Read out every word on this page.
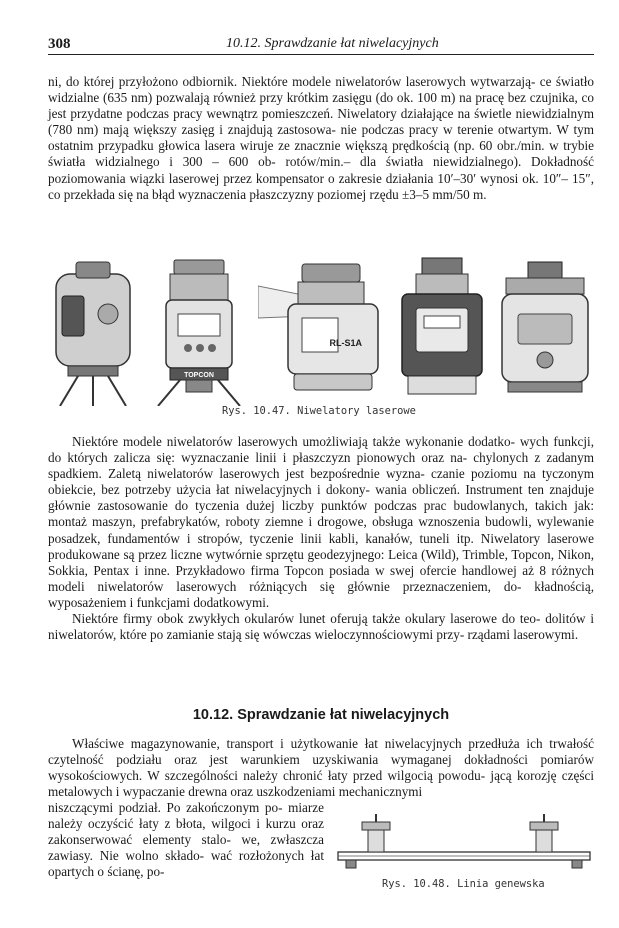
308	10.12. Sprawdzanie łat niwelacyjnych

ni, do której przyłożono odbiornik. Niektóre modele niwelatorów laserowych wytwarzają- ce światło widzialne (635 nm) pozwalają również przy krótkim zasięgu (do ok. 100 m) na pracę bez czujnika, co jest przydatne podczas pracy wewnątrz pomieszczeń. Niwelatory działające na świetle niewidzialnym (780 nm) mają większy zasięg i znajdują zastosowa- nie podczas pracy w terenie otwartym. W tym ostatnim przypadku głowica lasera wiruje ze znacznie większą prędkością (np. 60 obr./min. w trybie światła widzialnego i 300 – 600 ob- rotów/min.– dla światła niewidzialnego). Dokładność poziomowania wiązki laserowej przez kompensator o zakresie działania 10′–30′ wynosi ok. 10″– 15″, co przekłada się na błąd wyznaczenia płaszczyzny poziomej rzędu ±3–5 mm/50 m.

TOPCON
RL-S1A
Rys. 10.47. Niwelatory laserowe

Niektóre modele niwelatorów laserowych umożliwiają także wykonanie dodatko- wych funkcji, do których zalicza się: wyznaczanie linii i płaszczyzn pionowych oraz na- chylonych z zadanym spadkiem. Zaletą niwelatorów laserowych jest bezpośrednie wyzna- czanie poziomu na tyczonym obiekcie, bez potrzeby użycia łat niwelacyjnych i dokony- wania obliczeń. Instrument ten znajduje głównie zastosowanie do tyczenia dużej liczby punktów podczas prac budowlanych, takich jak: montaż maszyn, prefabrykatów, roboty ziemne i drogowe, obsługa wznoszenia budowli, wylewanie posadzek, fundamentów i stropów, tyczenie linii kabli, kanałów, tuneli itp. Niwelatory laserowe produkowane są przez liczne wytwórnie sprzętu geodezyjnego: Leica (Wild), Trimble, Topcon, Nikon, Sokkia, Pentax i inne. Przykładowo firma Topcon posiada w swej ofercie handlowej aż 8 różnych modeli niwelatorów laserowych różniących się głównie przeznaczeniem, do- kładnością, wyposażeniem i funkcjami dodatkowymi.

Niektóre firmy obok zwykłych okularów lunet oferują także okulary laserowe do teo- dolitów i niwelatorów, które po zamianie stają się wówczas wieloczynnościowymi przy- rządami laserowymi.

10.12. Sprawdzanie łat niwelacyjnych

Właściwe magazynowanie, transport i użytkowanie łat niwelacyjnych przedłuża ich trwałość czytelność podziału oraz jest warunkiem uzyskiwania wymaganej dokładności pomiarów wysokościowych. W szczególności należy chronić łaty przed wilgocią powodu- jącą korozję części metalowych i wypaczanie drewna oraz uszkodzeniami mechanicznymi

niszczącymi podział. Po zakończonym po- miarze należy oczyścić łaty z błota, wilgoci i kurzu oraz zakonserwować elementy stalo- we, zwłaszcza zawiasy. Nie wolno składo- wać rozłożonych łat opartych o ścianę, po-

Rys. 10.48. Linia genewska
